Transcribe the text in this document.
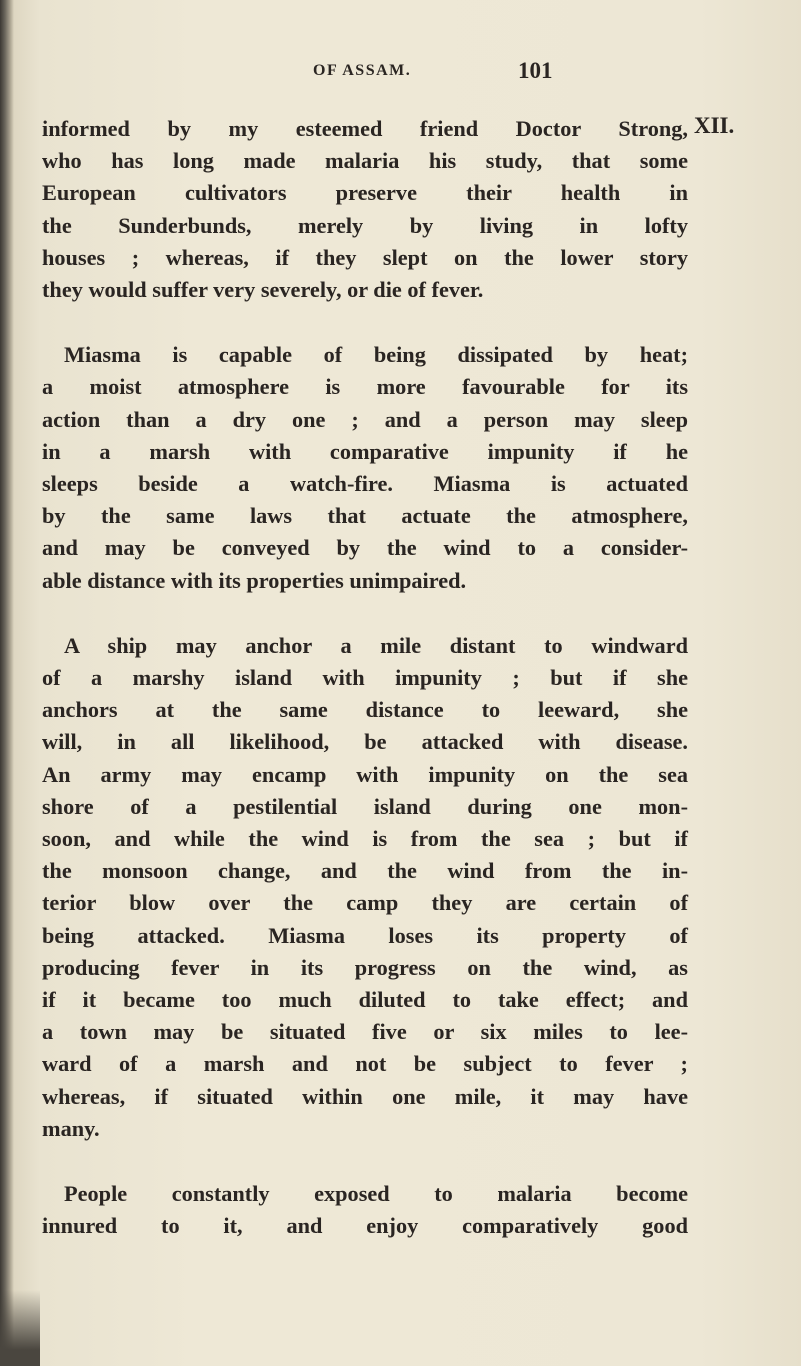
OF ASSAM.	101
XII.

informed by my esteemed friend Doctor Strong,
who has long made malaria his study, that some
European cultivators preserve their health in
the Sunderbunds, merely by living in lofty
houses ; whereas, if they slept on the lower story
they would suffer very severely, or die of fever.

Miasma is capable of being dissipated by heat;
a moist atmosphere is more favourable for its
action than a dry one ; and a person may sleep
in a marsh with comparative impunity if he
sleeps beside a watch-fire. Miasma is actuated
by the same laws that actuate the atmosphere,
and may be conveyed by the wind to a consider-
able distance with its properties unimpaired.

A ship may anchor a mile distant to windward
of a marshy island with impunity ; but if she
anchors at the same distance to leeward, she
will, in all likelihood, be attacked with disease.
An army may encamp with impunity on the sea
shore of a pestilential island during one mon-
soon, and while the wind is from the sea ; but if
the monsoon change, and the wind from the in-
terior blow over the camp they are certain of
being attacked. Miasma loses its property of
producing fever in its progress on the wind, as
if it became too much diluted to take effect; and
a town may be situated five or six miles to lee-
ward of a marsh and not be subject to fever ;
whereas, if situated within one mile, it may have
many.

People constantly exposed to malaria become
innured to it, and enjoy comparatively good
